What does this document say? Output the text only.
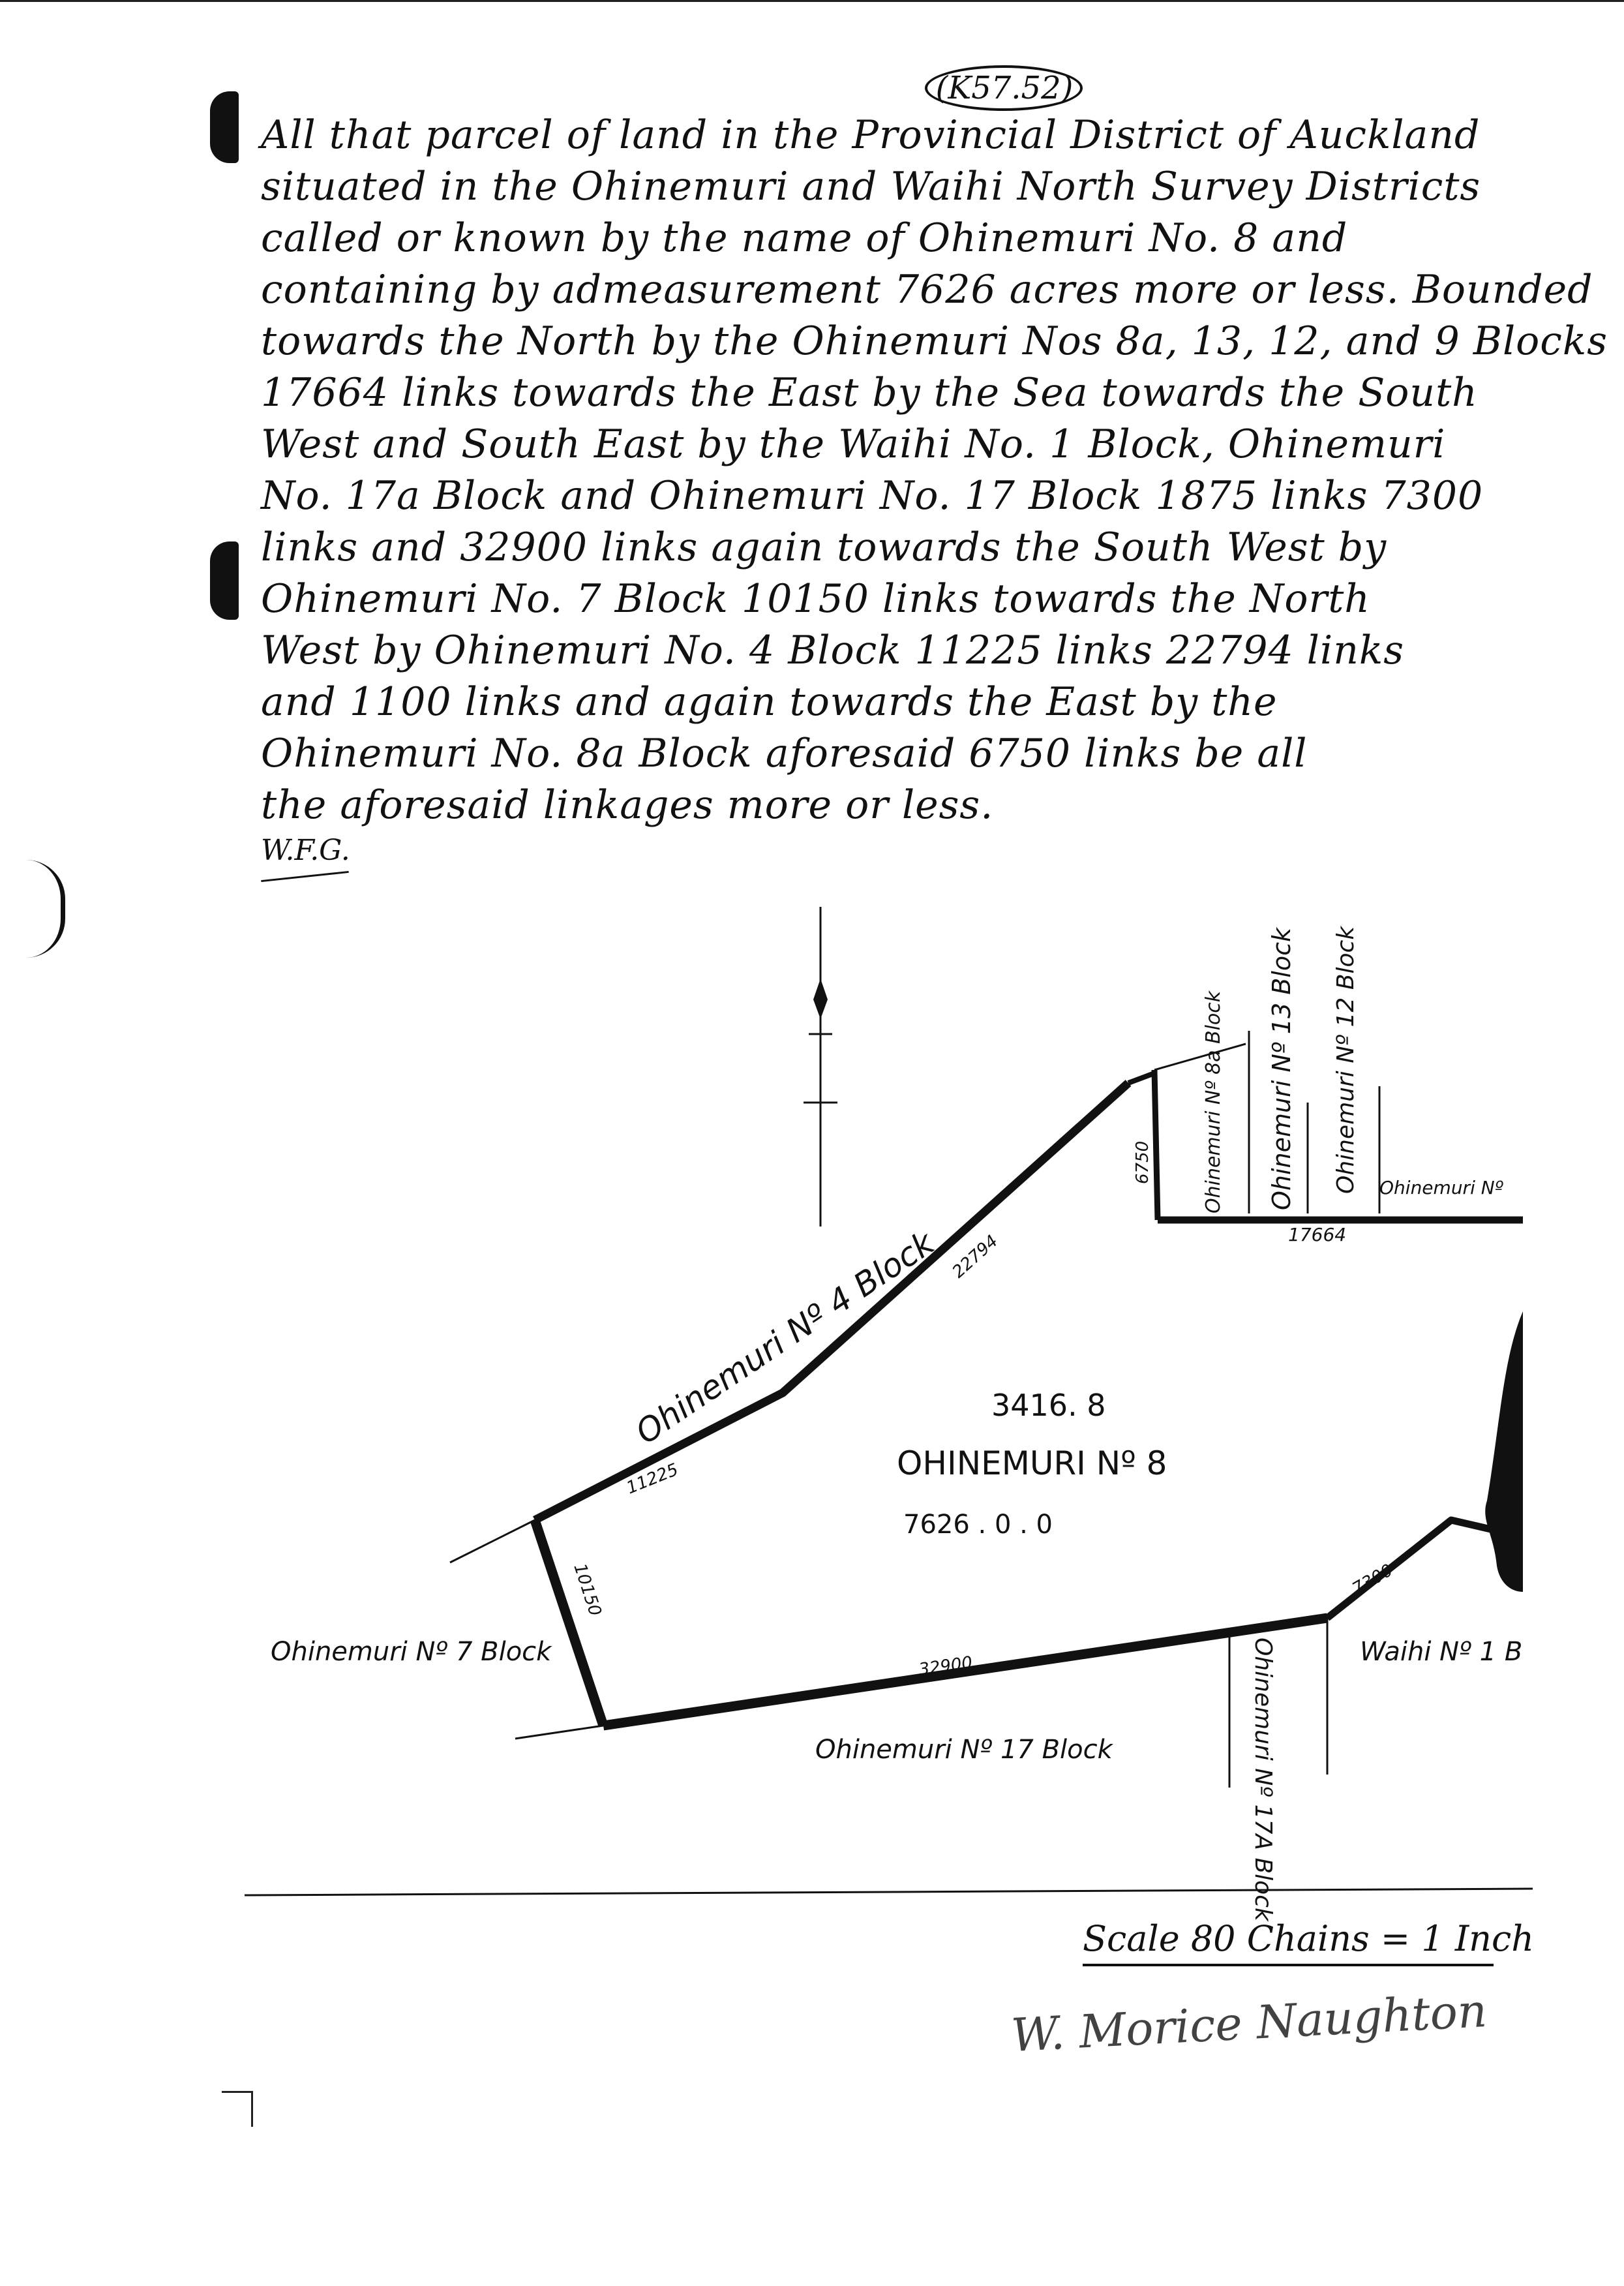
(K57.52)
All that parcel of land in the Provincial District of Auckland
situated in the Ohinemuri and Waihi North Survey Districts
called or known by the name of Ohinemuri No. 8 and
containing by admeasurement 7626 acres more or less. Bounded
towards the North by the Ohinemuri Nos 8a, 13, 12, and 9 Blocks
17664 links towards the East by the Sea towards the South
West and South East by the Waihi No. 1 Block, Ohinemuri
No. 17a Block and Ohinemuri No. 17 Block 1875 links 7300
links and 32900 links again towards the South West by
Ohinemuri No. 7 Block 10150 links towards the North
West by Ohinemuri No. 4 Block 11225 links 22794 links
and 1100 links and again towards the East by the
Ohinemuri No. 8a Block aforesaid 6750 links be all
the aforesaid linkages more or less.
W.F.G.
Ohinemuri Nº 4 Block 22794
11225
10150
32900
7300
6750
17664
3416. 8
OHINEMURI Nº 8
7626 . 0 . 0
Ohinemuri Nº 7 Block
Ohinemuri Nº 17 Block
Waihi Nº 1 B
Ohinemuri Nº
Ohinemuri Nº 17A Block
Ohinemuri Nº 8a Block Ohinemuri Nº 13 Block Ohinemuri Nº 12 Block
Scale 80 Chains = 1 Inch
W. Morice Naughton
